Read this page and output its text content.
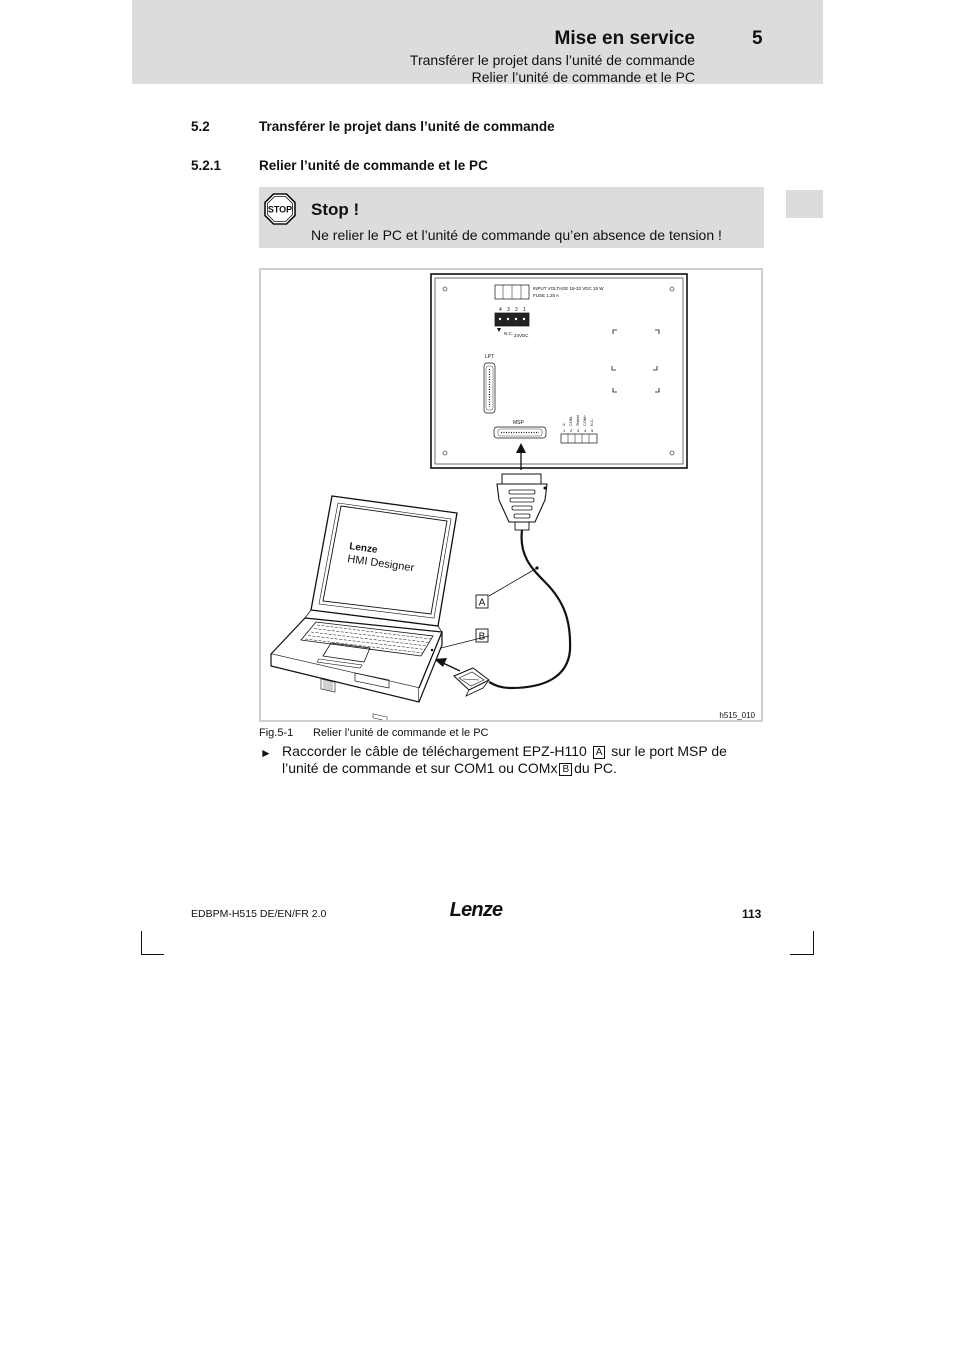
Mise en service	5
Transférer le projet dans l’unité de commande
Relier l’unité de commande et le PC
5.2	Transférer le projet dans l’unité de commande
5.2.1	Relier l’unité de commande et le PC
STOP Stop !
Ne relier le PC et l’unité de commande qu’en absence de tension !
INPUT VOLTAGE 18-32 VDC 15 W
FUSE 1.25 A
4 3 2 1
N.C. 24VDC
LPT
MSP	V- COM- Shield COM+ N.C.
1 2 3 4 5
A
B
Lenze
HMI Designer
h515_010
Fig.5-1 Relier l’unité de commande et le PC
► Raccorder le câble de téléchargement EPZ-H110 A sur le port MSP de l’unité de commande et sur COM1 ou COMx B du PC.
EDBPM-H515 DE/EN/FR 2.0	Lenze	113
